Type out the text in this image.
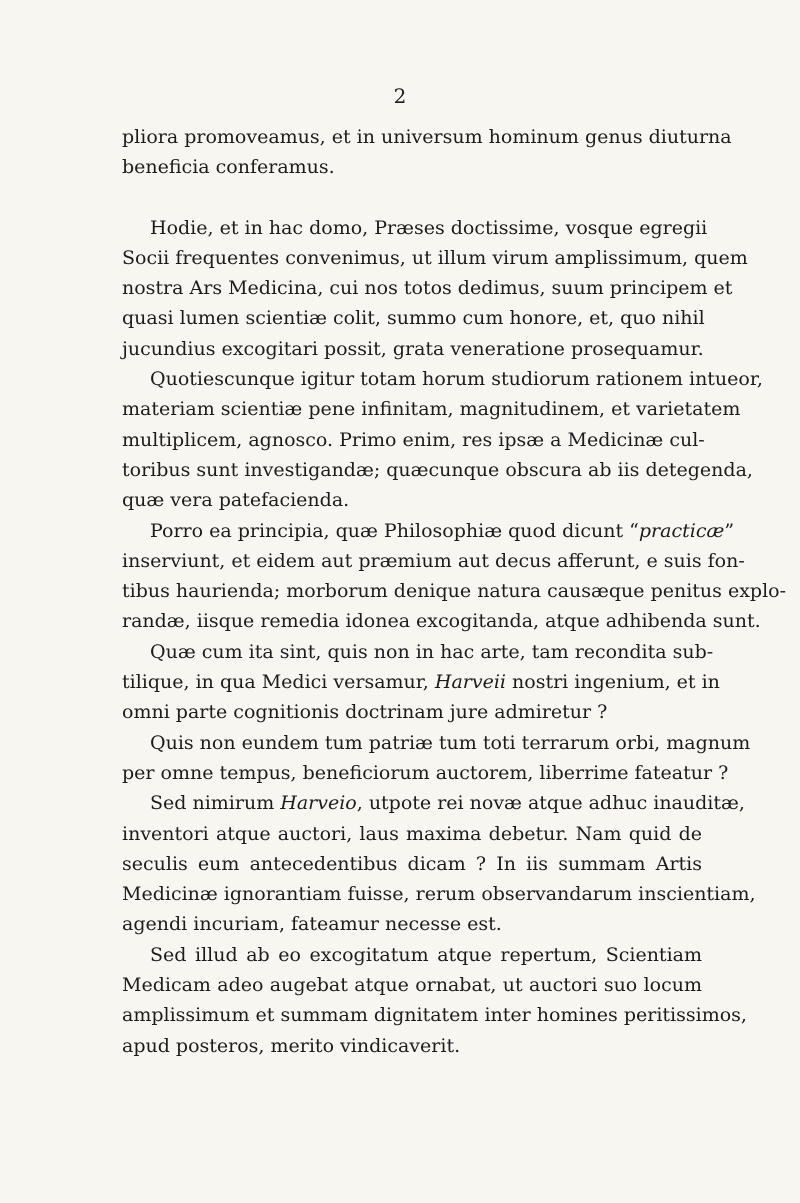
2

pliora promoveamus, et in universum hominum genus diuturna
beneficia conferamus.

Hodie, et in hac domo, Præses doctissime, vosque egregii
Socii frequentes convenimus, ut illum virum amplissimum, quem
nostra Ars Medicina, cui nos totos dedimus, suum principem et
quasi lumen scientiæ colit, summo cum honore, et, quo nihil
jucundius excogitari possit, grata veneratione prosequamur.

Quotiescunque igitur totam horum studiorum rationem intueor,
materiam scientiæ pene infinitam, magnitudinem, et varietatem
multiplicem, agnosco. Primo enim, res ipsæ a Medicinæ cul-
toribus sunt investigandæ; quæcunque obscura ab iis detegenda,
quæ vera patefacienda.

Porro ea principia, quæ Philosophiæ quod dicunt “practicæ”
inserviunt, et eidem aut præmium aut decus afferunt, e suis fon-
tibus haurienda; morborum denique natura causæque penitus explo-
randæ, iisque remedia idonea excogitanda, atque adhibenda sunt.

Quæ cum ita sint, quis non in hac arte, tam recondita sub-
tilique, in qua Medici versamur, Harveii nostri ingenium, et in
omni parte cognitionis doctrinam jure admiretur ?

Quis non eundem tum patriæ tum toti terrarum orbi, magnum
per omne tempus, beneficiorum auctorem, liberrime fateatur ?

Sed nimirum Harveio, utpote rei novæ atque adhuc inauditæ,
inventori atque auctori, laus maxima debetur. Nam quid de
seculis eum antecedentibus dicam ? In iis summam Artis
Medicinæ ignorantiam fuisse, rerum observandarum inscientiam,
agendi incuriam, fateamur necesse est.

Sed illud ab eo excogitatum atque repertum, Scientiam
Medicam adeo augebat atque ornabat, ut auctori suo locum
amplissimum et summam dignitatem inter homines peritissimos,
apud posteros, merito vindicaverit.
